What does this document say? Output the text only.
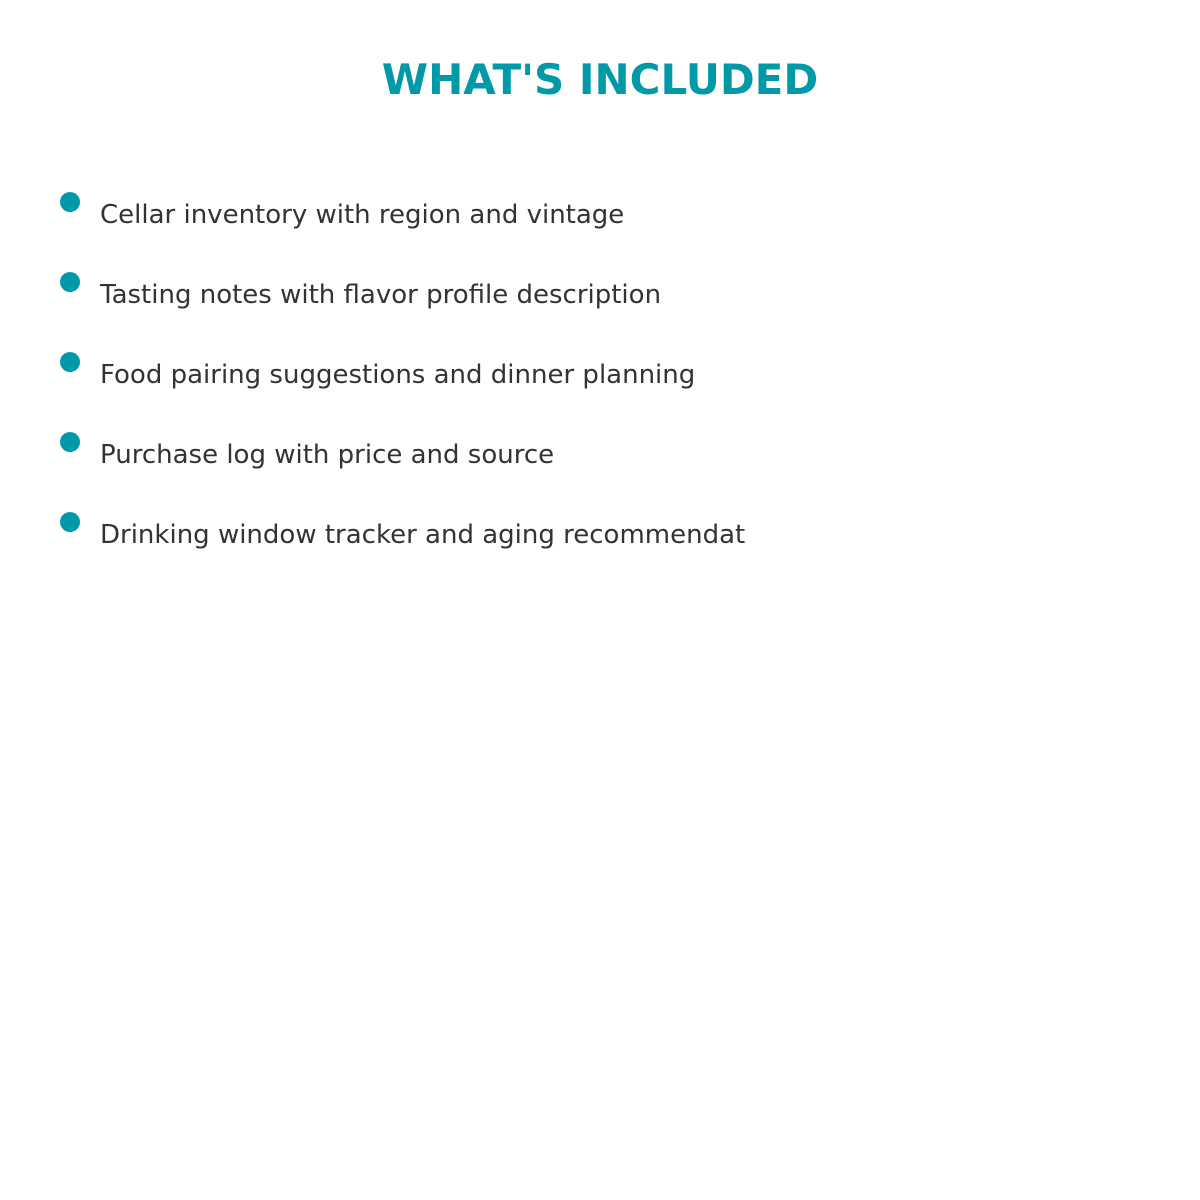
WHAT'S INCLUDED
Cellar inventory with region and vintage
Tasting notes with flavor profile description
Food pairing suggestions and dinner planning
Purchase log with price and source
Drinking window tracker and aging recommendat
